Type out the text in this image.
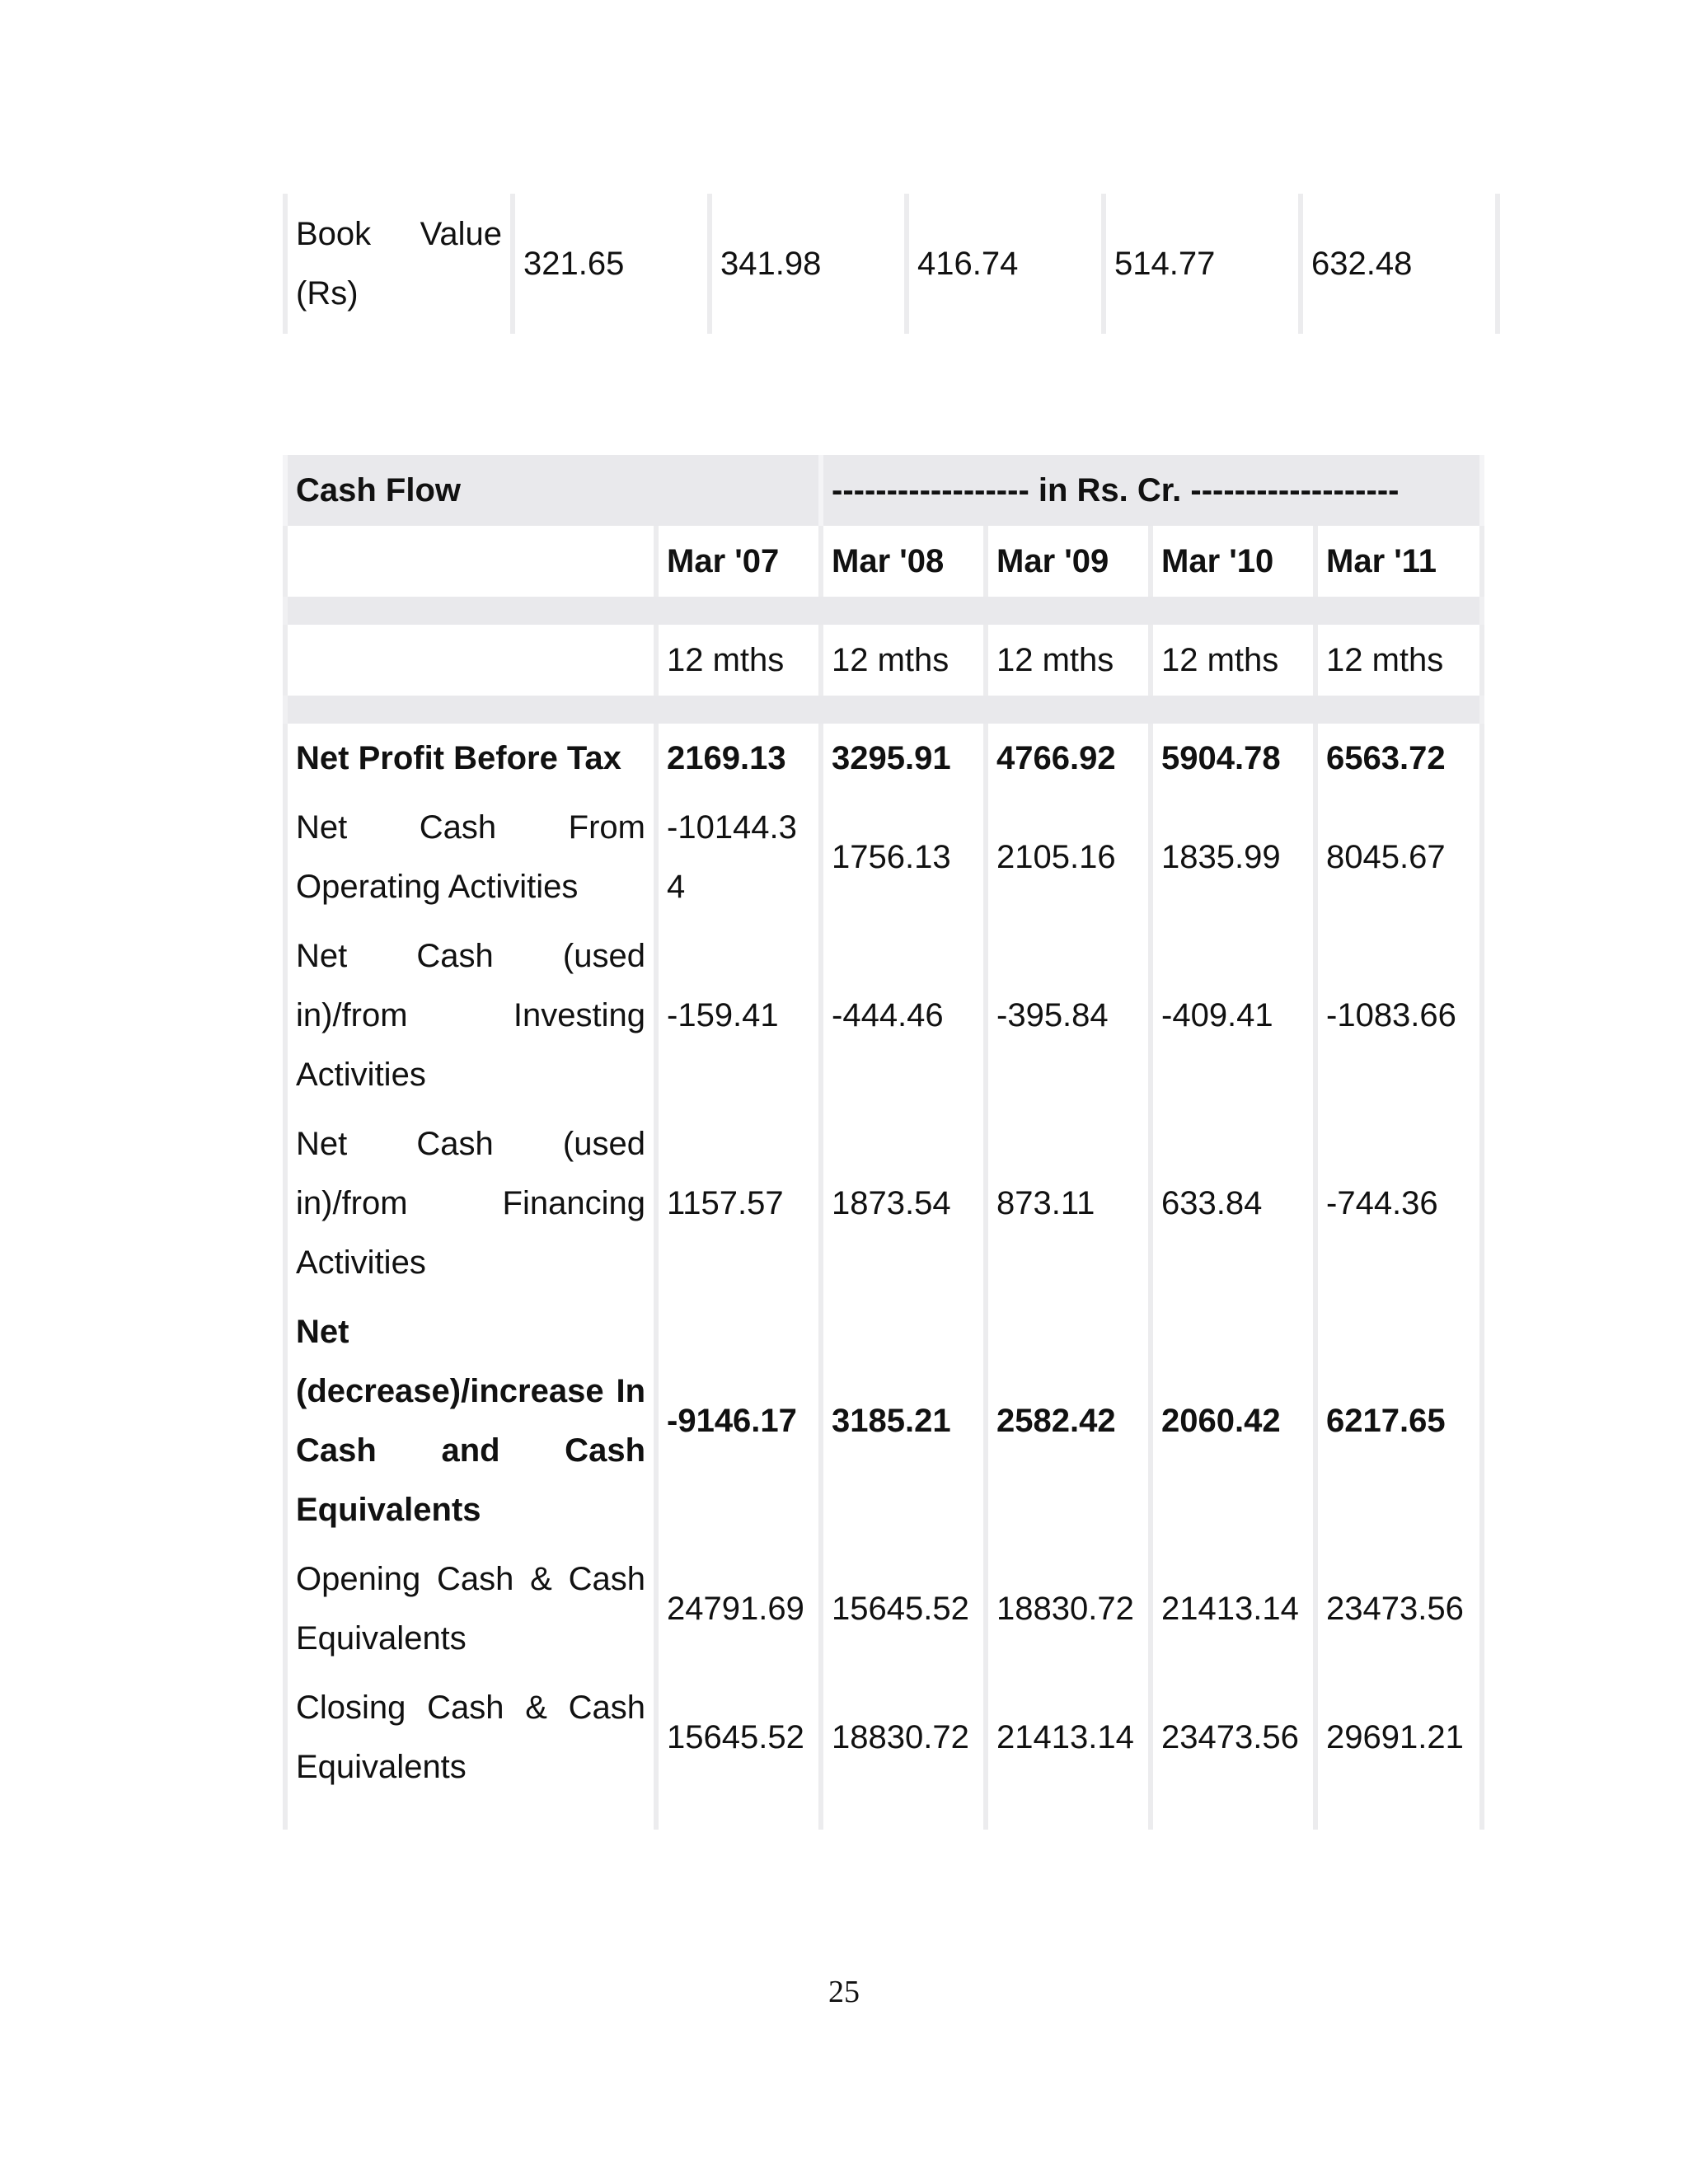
Book Value (Rs)	321.65	341.98	416.74	514.77	632.48
Cash Flow		------------------ in Rs. Cr. -------------------			
	Mar '07	Mar '08	Mar '09	Mar '10	Mar '11

	12 mths	12 mths	12 mths	12 mths	12 mths

Net Profit Before Tax	2169.13	3295.91	4766.92	5904.78	6563.72
Net Cash From Operating Activities	-10144.34	1756.13	2105.16	1835.99	8045.67
Net Cash (used in)/from Investing Activities	-159.41	-444.46	-395.84	-409.41	-1083.66
Net Cash (used in)/from Financing Activities	1157.57	1873.54	873.11	633.84	-744.36
Net (decrease)/increase In Cash and Cash Equivalents	-9146.17	3185.21	2582.42	2060.42	6217.65
Opening Cash & Cash Equivalents	24791.69	15645.52	18830.72	21413.14	23473.56
Closing Cash & Cash Equivalents	15645.52	18830.72	21413.14	23473.56	29691.21

25
